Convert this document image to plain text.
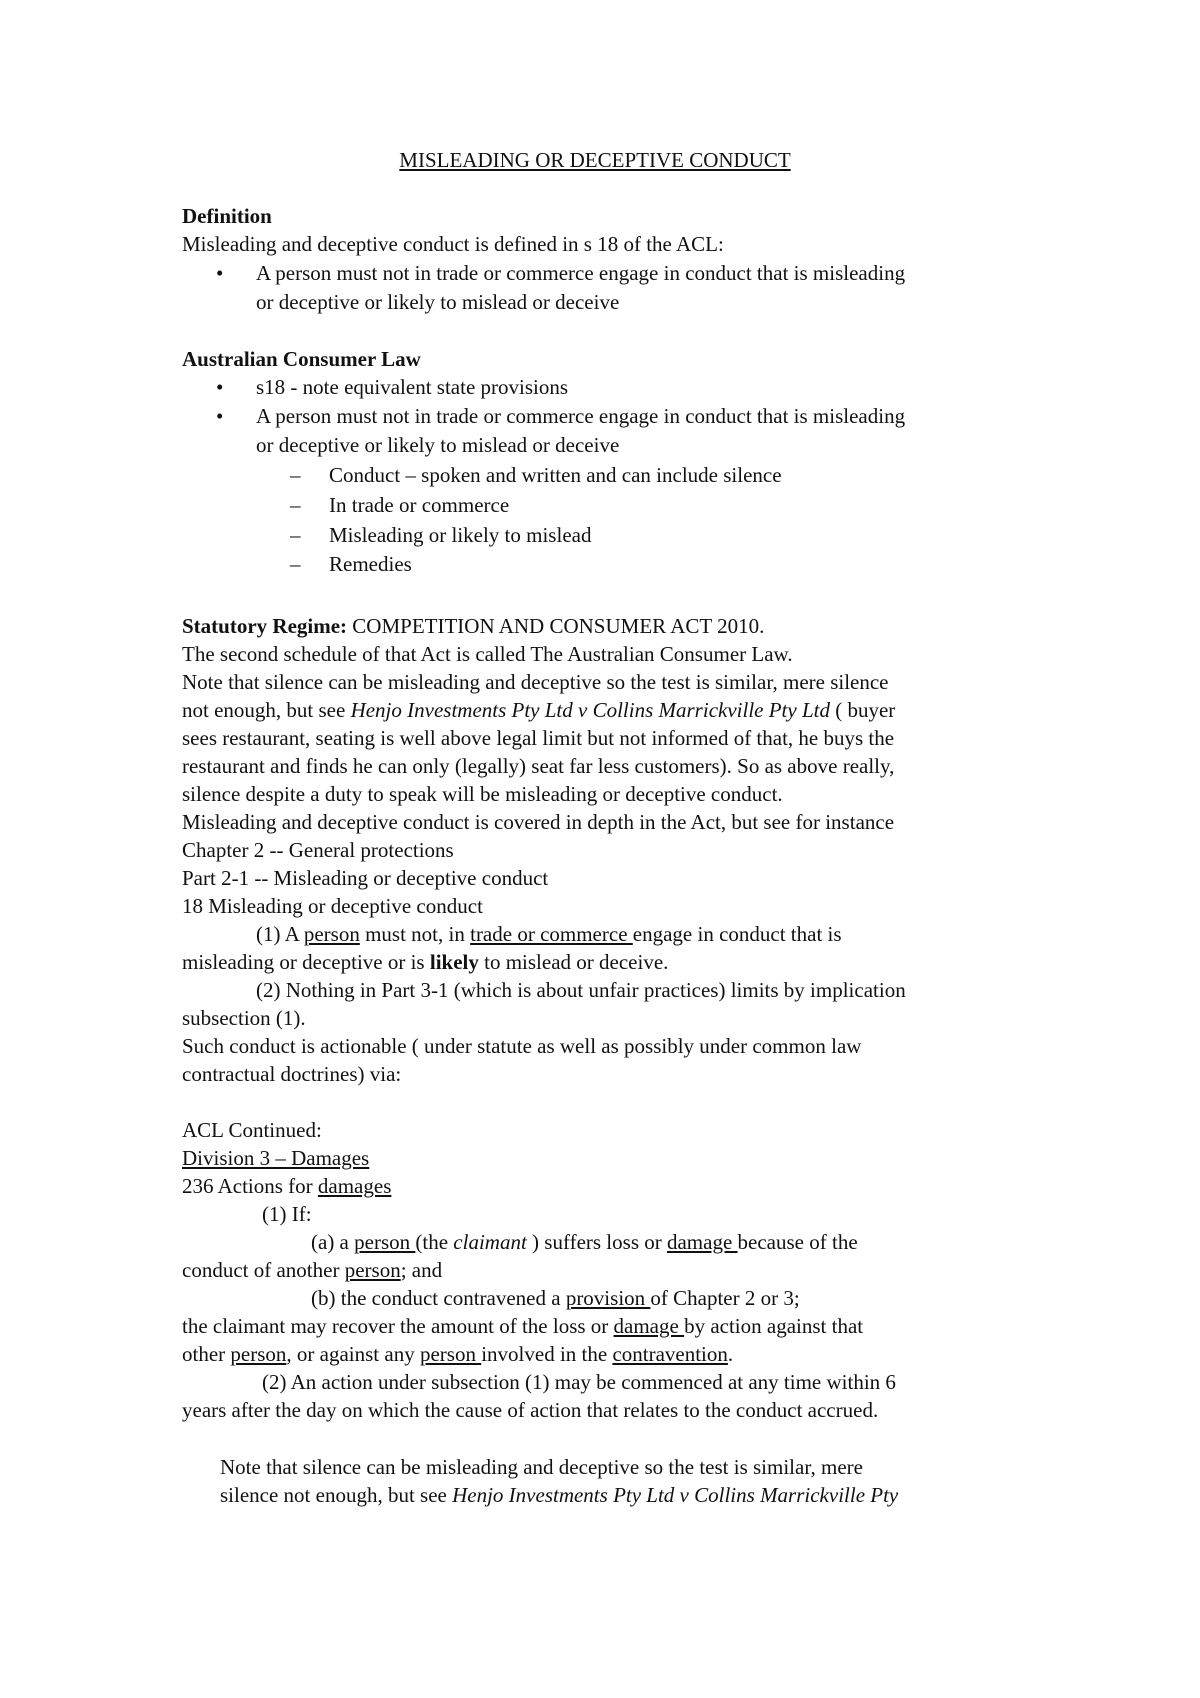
MISLEADING OR DECEPTIVE CONDUCT
Definition
Misleading and deceptive conduct is defined in s 18 of the ACL:
• A person must not in trade or commerce engage in conduct that is misleading
or deceptive or likely to mislead or deceive
Australian Consumer Law
• s18 - note equivalent state provisions
• A person must not in trade or commerce engage in conduct that is misleading
or deceptive or likely to mislead or deceive
– Conduct – spoken and written and can include silence
– In trade or commerce
– Misleading or likely to mislead
– Remedies
Statutory Regime: COMPETITION AND CONSUMER ACT 2010.
The second schedule of that Act is called The Australian Consumer Law.
Note that silence can be misleading and deceptive so the test is similar, mere silence
not enough, but see Henjo Investments Pty Ltd v Collins Marrickville Pty Ltd ( buyer
sees restaurant, seating is well above legal limit but not informed of that, he buys the
restaurant and finds he can only (legally) seat far less customers). So as above really,
silence despite a duty to speak will be misleading or deceptive conduct.
Misleading and deceptive conduct is covered in depth in the Act, but see for instance
Chapter 2 -- General protections
Part 2-1 -- Misleading or deceptive conduct
18 Misleading or deceptive conduct
(1) A person must not, in trade or commerce engage in conduct that is
misleading or deceptive or is likely to mislead or deceive.
(2) Nothing in Part 3-1 (which is about unfair practices) limits by implication
subsection (1).
Such conduct is actionable ( under statute as well as possibly under common law
contractual doctrines) via:
ACL Continued:
Division 3 – Damages
236 Actions for damages
(1) If:
(a) a person (the claimant ) suffers loss or damage because of the
conduct of another person; and
(b) the conduct contravened a provision of Chapter 2 or 3;
the claimant may recover the amount of the loss or damage by action against that
other person, or against any person involved in the contravention.
(2) An action under subsection (1) may be commenced at any time within 6
years after the day on which the cause of action that relates to the conduct accrued.
Note that silence can be misleading and deceptive so the test is similar, mere
silence not enough, but see Henjo Investments Pty Ltd v Collins Marrickville Pty
